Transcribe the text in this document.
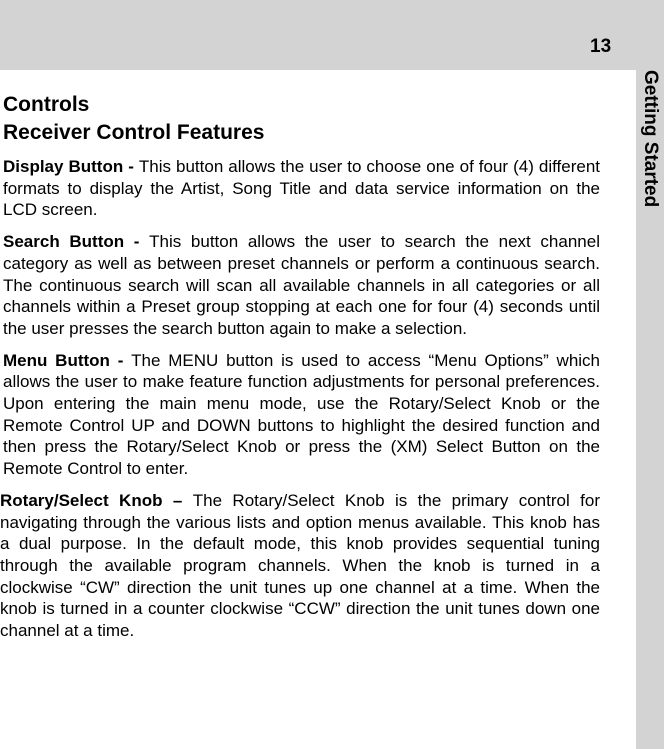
13
Getting Started
Controls
Receiver Control Features

Display Button - This button allows the user to choose one of four (4) different formats to display the Artist, Song Title and data service information on the LCD screen.

Search Button - This button allows the user to search the next channel category as well as between preset channels or perform a continuous search. The continuous search will scan all available channels in all categories or all channels within a Preset group stopping at each one for four (4) seconds until the user presses the search button again to make a selection.

Menu Button - The MENU button is used to access “Menu Options” which allows the user to make feature function adjustments for personal preferences. Upon entering the main menu mode, use the Rotary/Select Knob or the Remote Control UP and DOWN buttons to highlight the desired function and then press the Rotary/Select Knob or press the (XM) Select Button on the Remote Control to enter.

Rotary/Select Knob – The Rotary/Select Knob is the primary control for navigating through the various lists and option menus available. This knob has a dual purpose. In the default mode, this knob provides sequential tuning through the available program channels. When the knob is turned in a clockwise “CW” direction the unit tunes up one channel at a time. When the knob is turned in a counter clockwise “CCW” direction the unit tunes down one channel at a time.
